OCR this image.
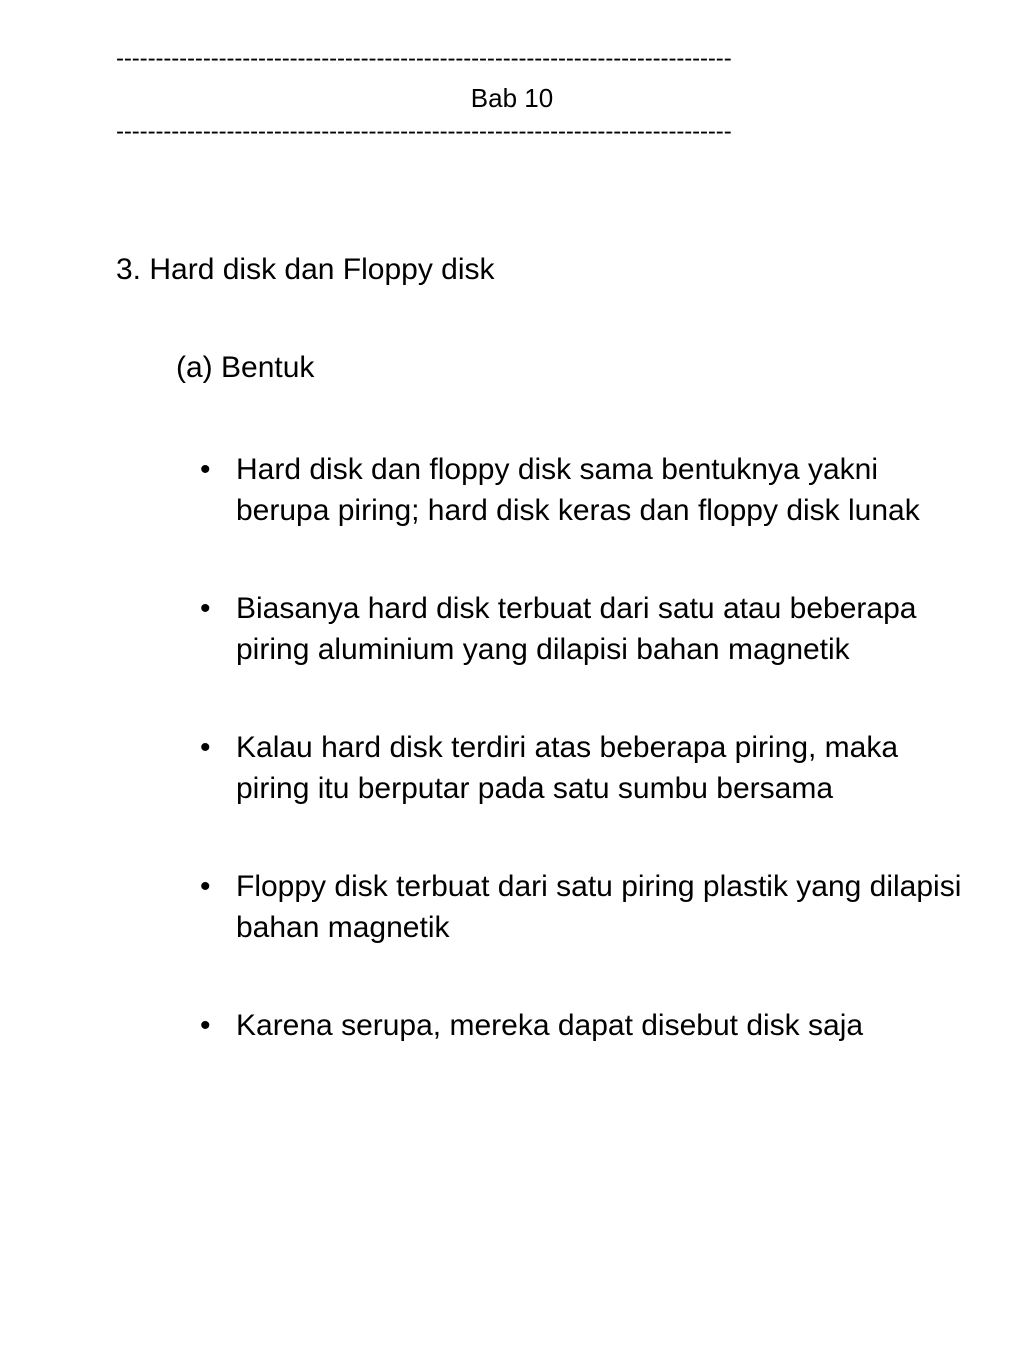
------------------------------------------------------------------------------
Bab 10
------------------------------------------------------------------------------
3. Hard disk dan Floppy disk
(a) Bentuk
• Hard disk dan floppy disk sama bentuknya yakni berupa piring; hard disk keras dan floppy disk lunak
• Biasanya hard disk terbuat dari satu atau beberapa piring aluminium yang dilapisi bahan magnetik
• Kalau hard disk terdiri atas beberapa piring, maka piring itu berputar pada satu sumbu bersama
• Floppy disk terbuat dari satu piring plastik yang dilapisi bahan magnetik
• Karena serupa, mereka dapat disebut disk saja
